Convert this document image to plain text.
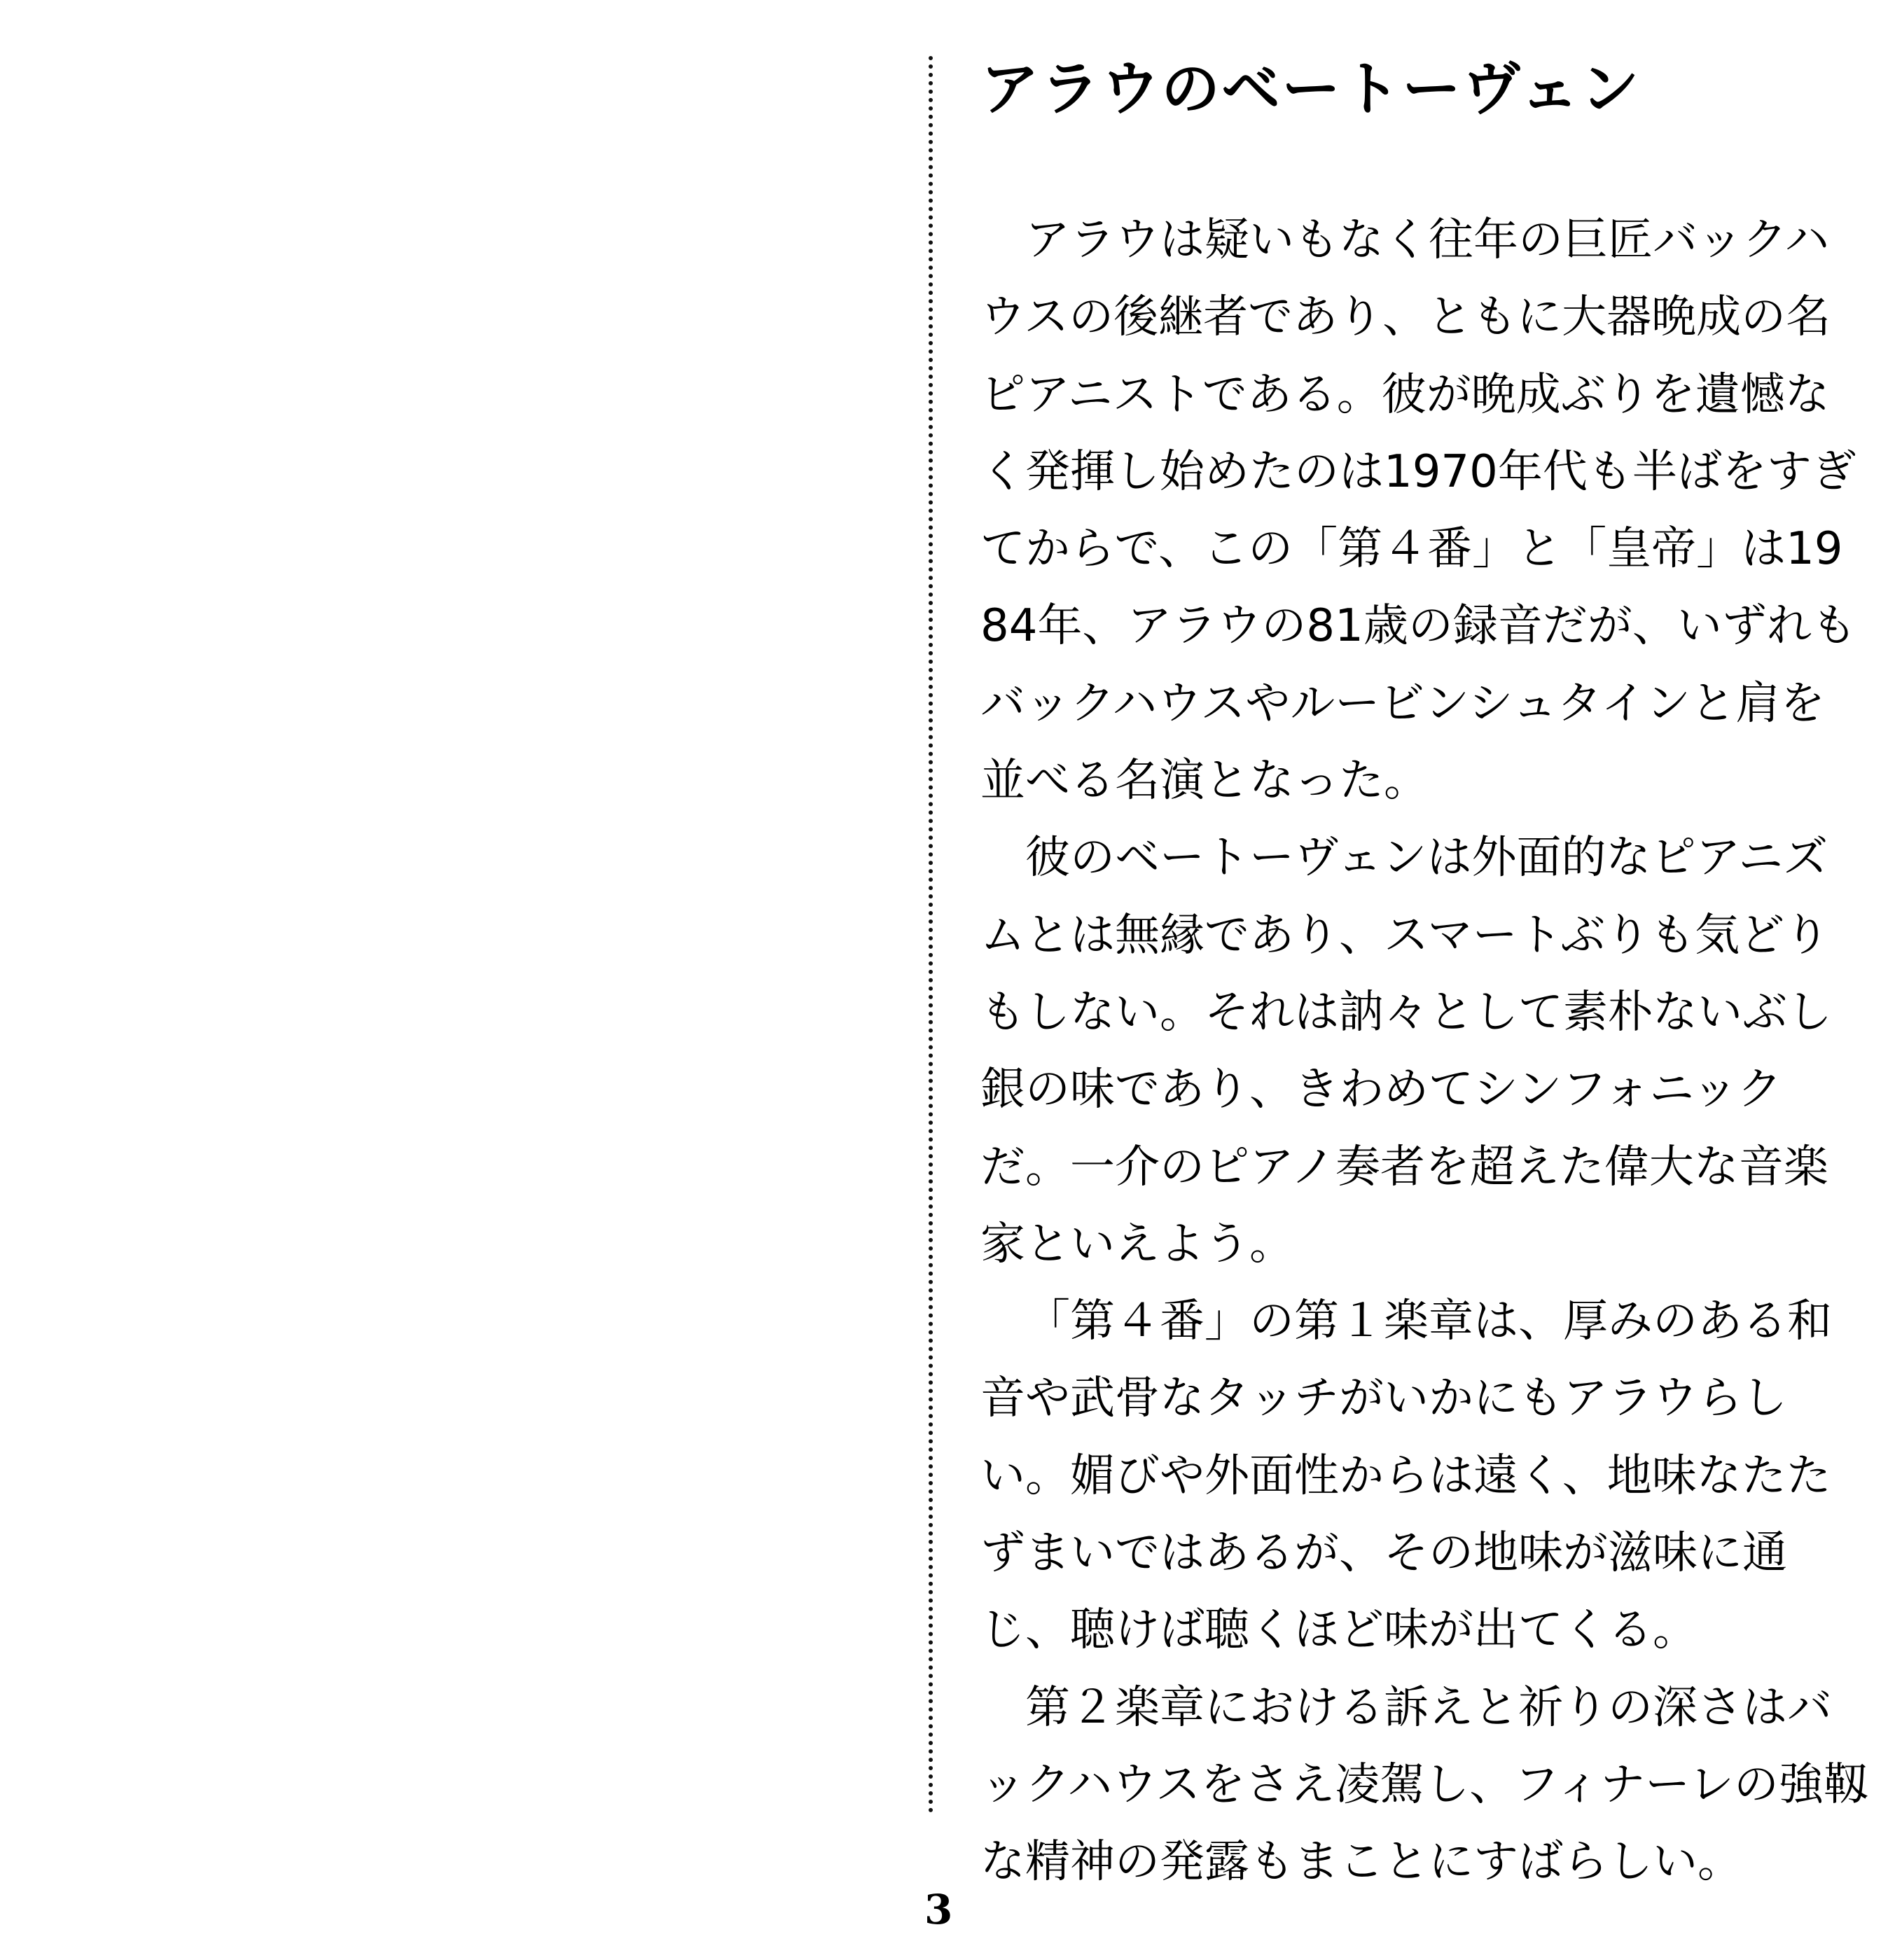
アラウのベートーヴェン

アラウは疑いもなく往年の巨匠バックハウスの後継者であり、ともに大器晩成の名ピアニストである。彼が晩成ぶりを遺憾なく発揮し始めたのは1970年代も半ばをすぎてからで、この「第４番」と「皇帝」は1984年、アラウの81歳の録音だが、いずれもバックハウスやルービンシュタインと肩を並べる名演となった。

彼のベートーヴェンは外面的なピアニズムとは無縁であり、スマートぶりも気どりもしない。それは訥々として素朴ないぶし銀の味であり、きわめてシンフォニックだ。一介のピアノ奏者を超えた偉大な音楽家といえよう。

「第４番」の第１楽章は、厚みのある和音や武骨なタッチがいかにもアラウらしい。媚びや外面性からは遠く、地味なたたずまいではあるが、その地味が滋味に通じ、聴けば聴くほど味が出てくる。

第２楽章における訴えと祈りの深さはバックハウスをさえ凌駕し、フィナーレの強靱な精神の発露もまことにすばらしい。

3
